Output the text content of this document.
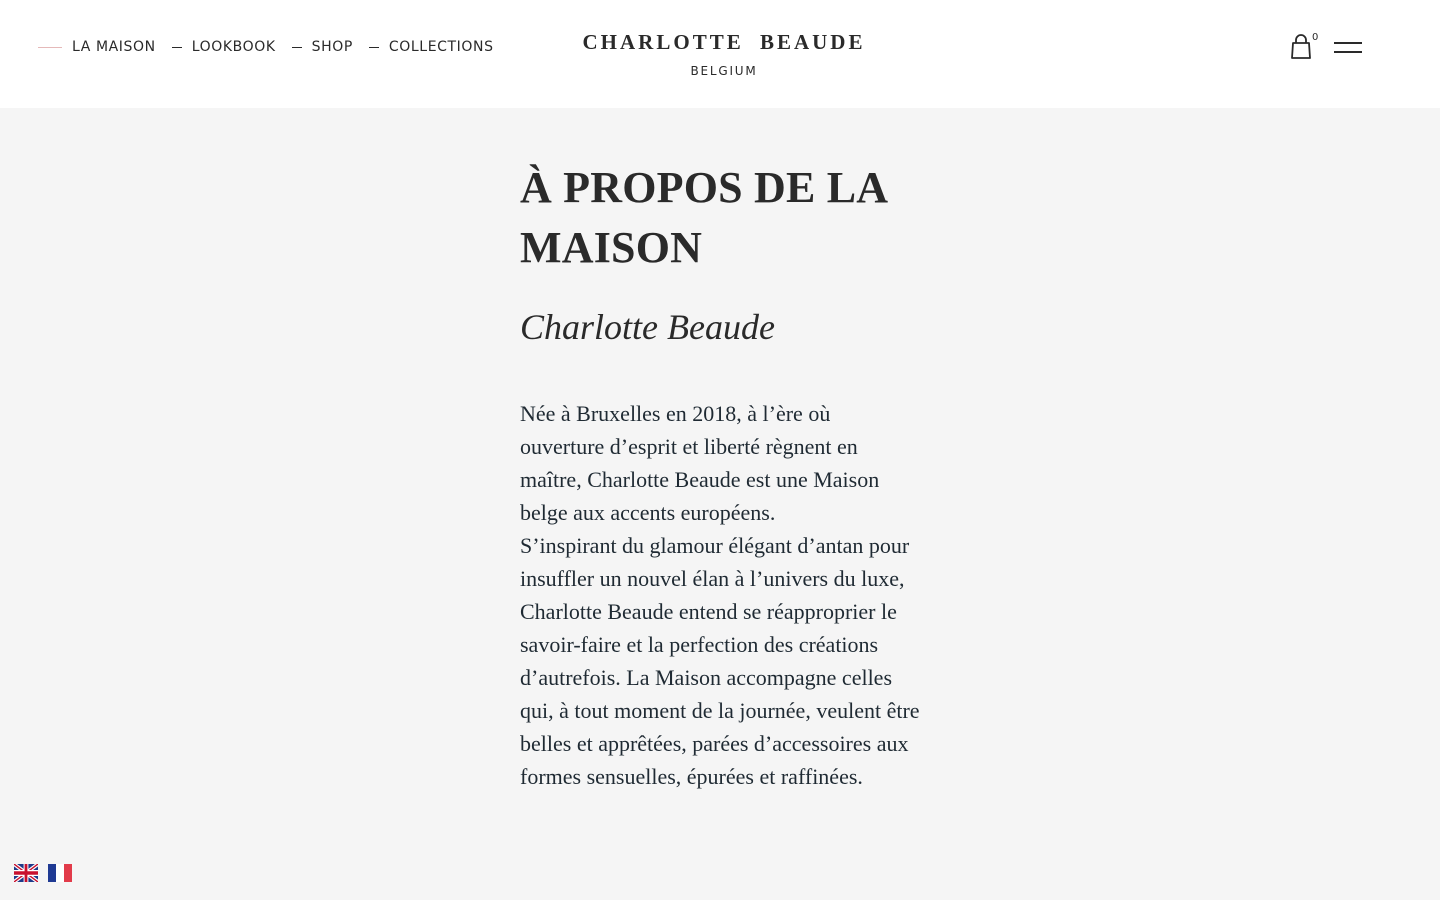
LA MAISON	LOOKBOOK	SHOP	COLLECTIONS	CHARLOTTE BEAUDE
BELGIUM
0
À PROPOS DE LA MAISON
Charlotte Beaude

Née à Bruxelles en 2018, à l’ère où ouverture d’esprit et liberté règnent en maître, Charlotte Beaude est une Maison belge aux accents européens.

S’inspirant du glamour élégant d’antan pour insuffler un nouvel élan à l’univers du luxe, Charlotte Beaude entend se réapproprier le savoir-faire et la perfection des créations d’autrefois. La Maison accompagne celles qui, à tout moment de la journée, veulent être belles et apprêtées, parées d’accessoires aux formes sensuelles, épurées et raffinées.
